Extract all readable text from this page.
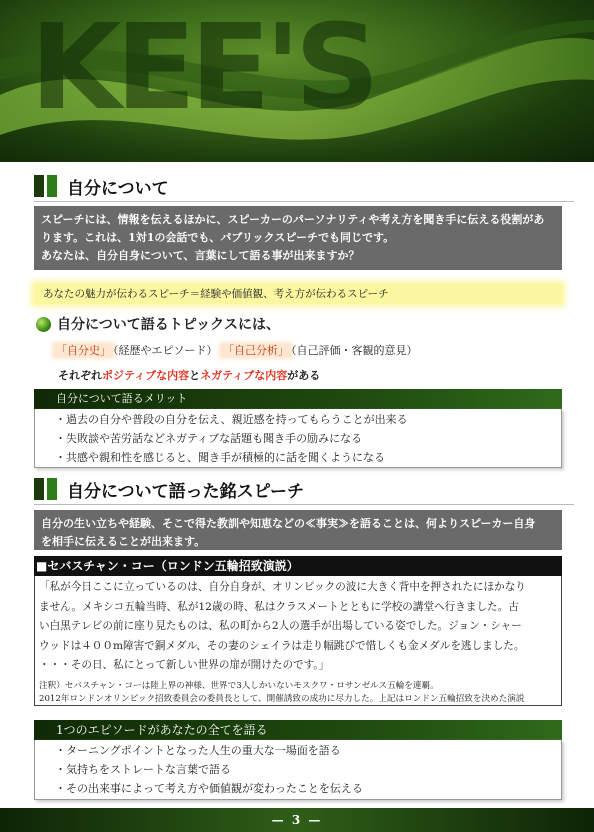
KEE'S
自分について
スピーチには、情報を伝えるほかに、スピーカーのパーソナリティや考え方を聞き手に伝える役割があ
ります。これは、1対1の会話でも、パブリックスピーチでも同じです。
あなたは、自分自身について、言葉にして語る事が出来ますか？
あなたの魅力が伝わるスピーチ＝経験や価値観、考え方が伝わるスピーチ
自分について語るトピックスには、
「自分史」 （経歴やエピソード） 「自己分析」 （自己評価・客観的意見）
それぞれポジティブな内容とネガティブな内容がある
自分について語るメリット
・過去の自分や普段の自分を伝え、親近感を持ってもらうことが出来る
・失敗談や苦労話などネガティブな話題も聞き手の励みになる
・共感や親和性を感じると、聞き手が積極的に話を聞くようになる
自分について語った銘スピーチ
自分の生い立ちや経験、そこで得た教訓や知恵などの≪事実≫を語ることは、何よりスピーカー自身
を相手に伝えることが出来ます。
■セバスチャン・コー（ロンドン五輪招致演説）
「私が今日ここに立っているのは、自分自身が、オリンピックの波に大きく背中を押されたにほかなり
ません。メキシコ五輪当時、私が12歳の時、私はクラスメートとともに学校の講堂へ行きました。古
い白黒テレビの前に座り見たものは、私の町から2人の選手が出場している姿でした。ジョン・シャー
ウッドは４００m障害で銅メダル、その妻のシェイラは走り幅跳びで惜しくも金メダルを逃しました。
・・・その日、私にとって新しい世界の扉が開けたのです。」
注釈）セバスチャン・コーは陸上界の神様、世界で3人しかいないモスクワ・ロサンゼルス五輪を連覇。
2012年ロンドンオリンピック招致委員会の委員長として、開催誘致の成功に尽力した。上記はロンドン五輪招致を決めた演説
1つのエピソードがあなたの全てを語る
・ターニングポイントとなった人生の重大な一場面を語る
・気持ちをストレートな言葉で語る
・その出来事によって考え方や価値観が変わったことを伝える
— 3 —
